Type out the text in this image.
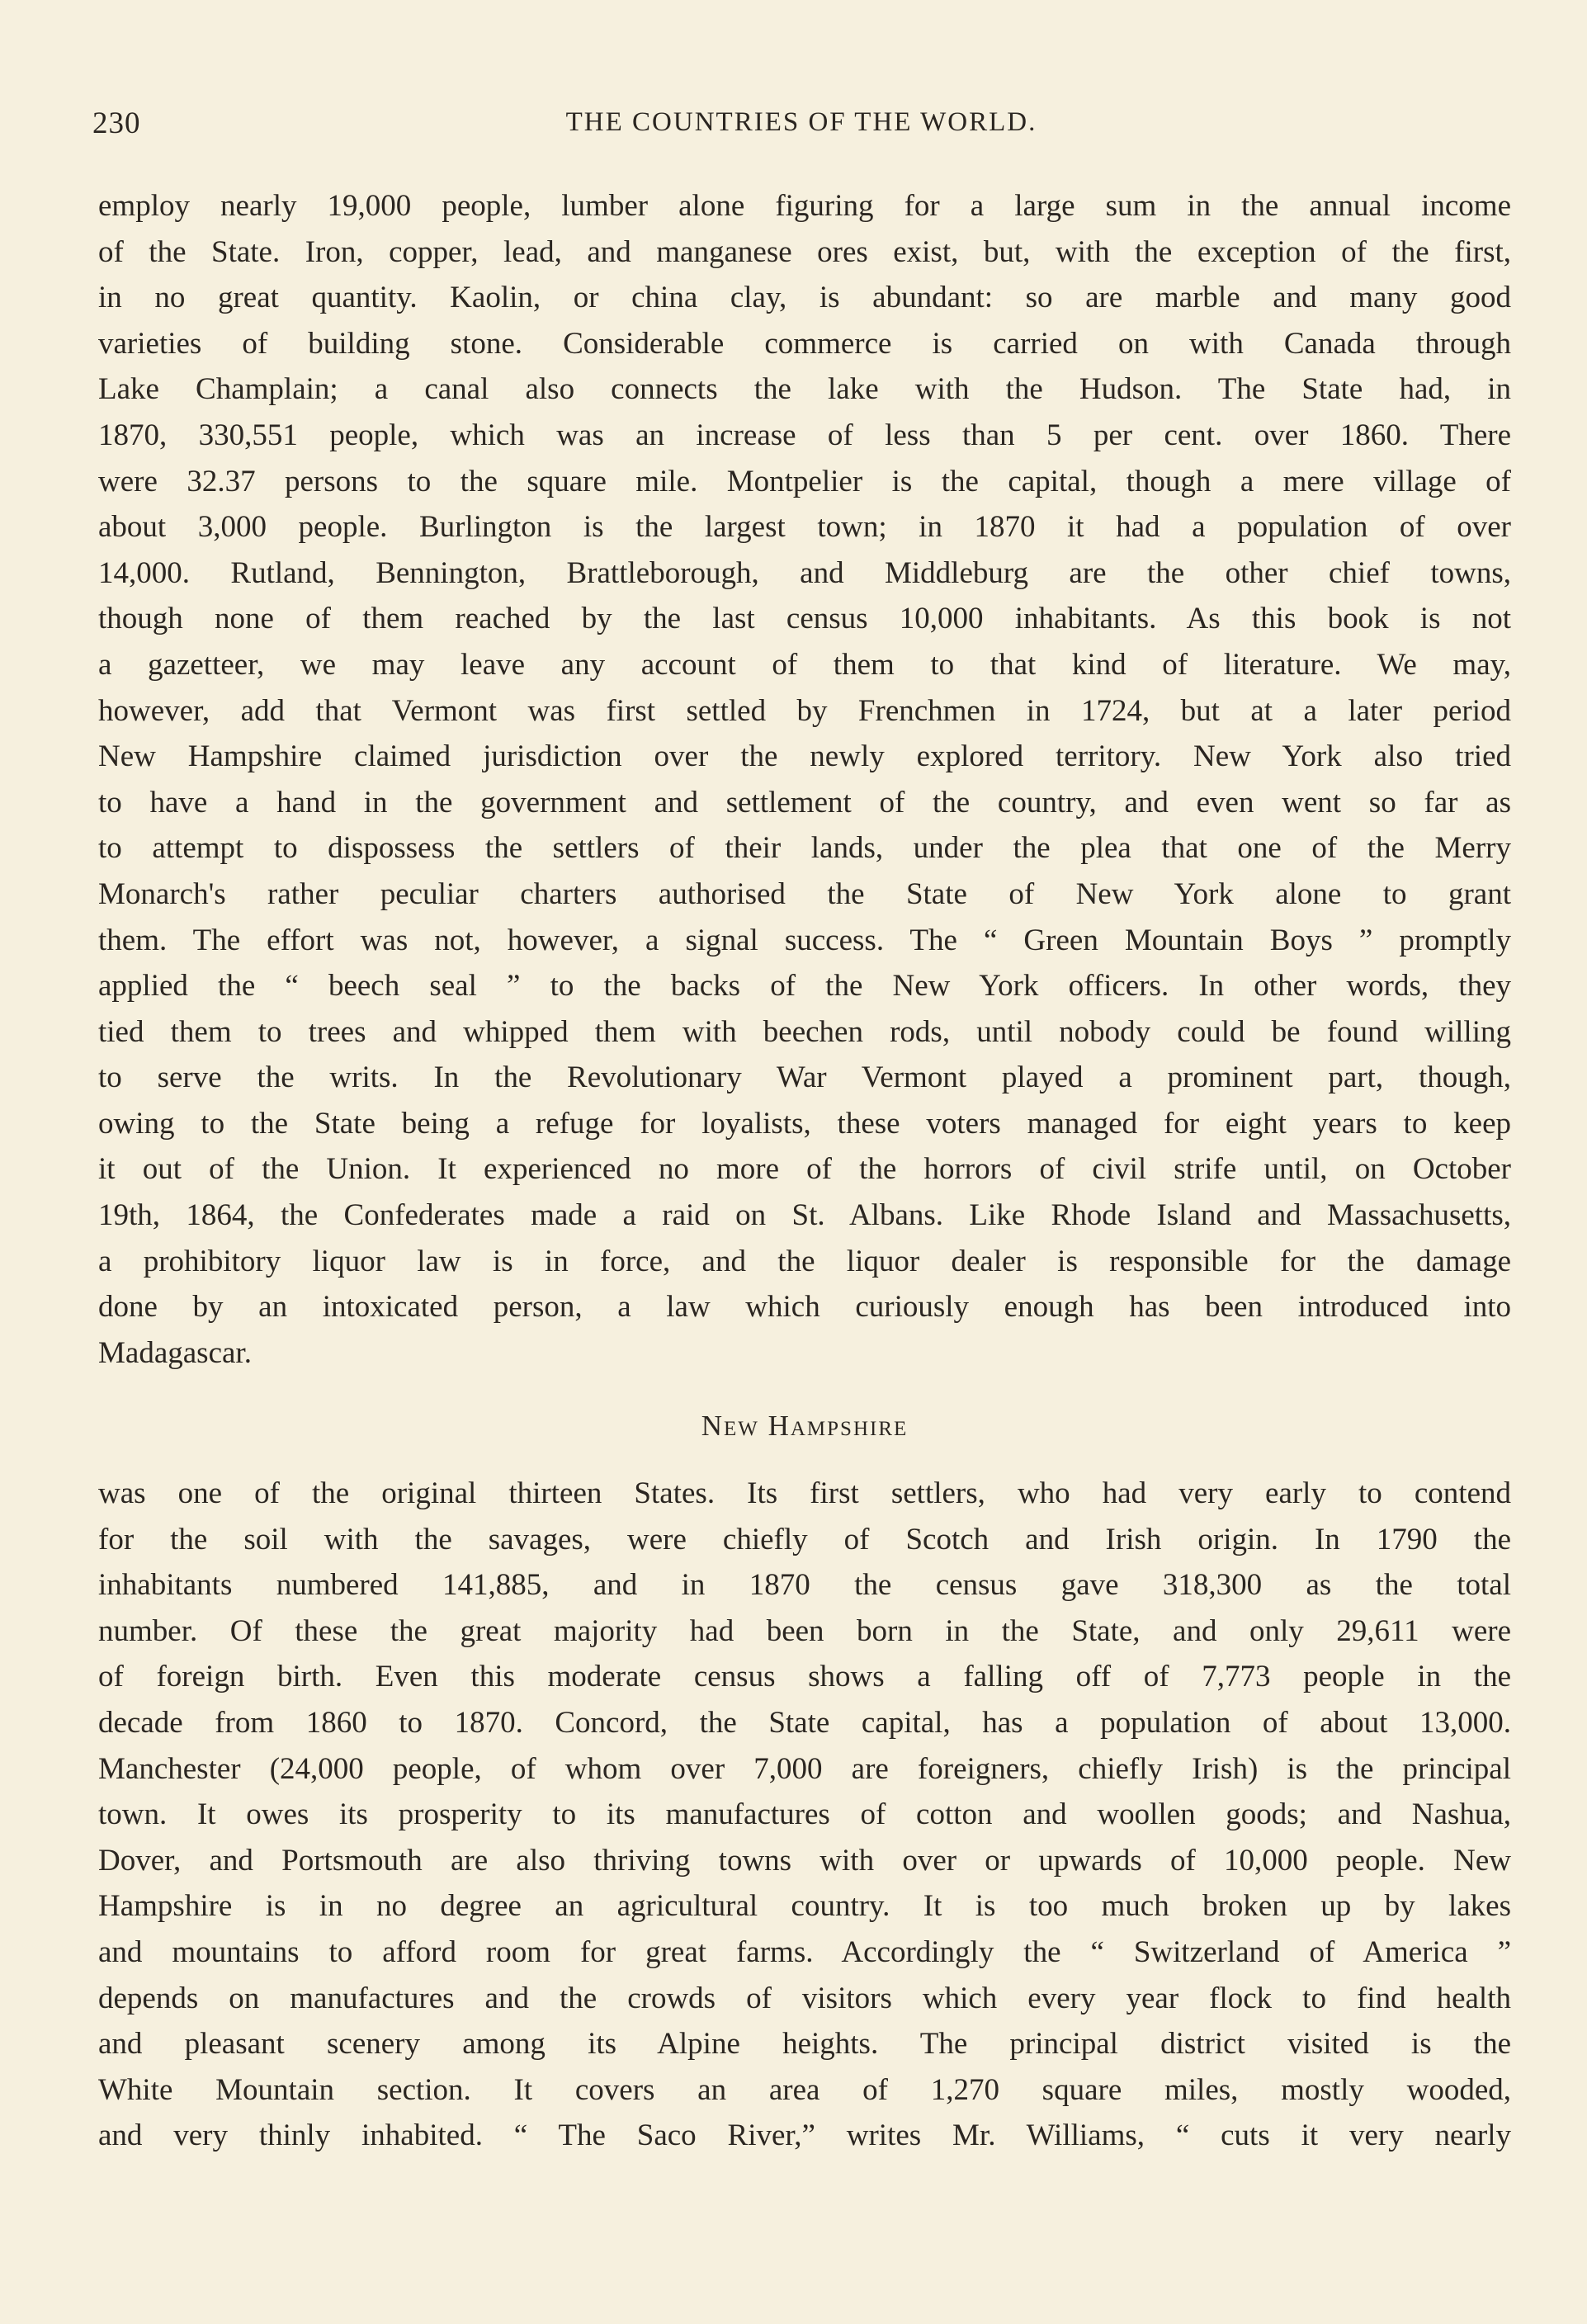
230	THE COUNTRIES OF THE WORLD.
employ nearly 19,000 people, lumber alone figuring for a large sum in the annual income
of the State. Iron, copper, lead, and manganese ores exist, but, with the exception of the first,
in no great quantity. Kaolin, or china clay, is abundant: so are marble and many good
varieties of building stone. Considerable commerce is carried on with Canada through
Lake Champlain; a canal also connects the lake with the Hudson. The State had, in
1870, 330,551 people, which was an increase of less than 5 per cent. over 1860. There
were 32.37 persons to the square mile. Montpelier is the capital, though a mere village of
about 3,000 people. Burlington is the largest town; in 1870 it had a population of over
14,000. Rutland, Bennington, Brattleborough, and Middleburg are the other chief towns,
though none of them reached by the last census 10,000 inhabitants. As this book is not
a gazetteer, we may leave any account of them to that kind of literature. We may,
however, add that Vermont was first settled by Frenchmen in 1724, but at a later period
New Hampshire claimed jurisdiction over the newly explored territory. New York also tried
to have a hand in the government and settlement of the country, and even went so far as
to attempt to dispossess the settlers of their lands, under the plea that one of the Merry
Monarch's rather peculiar charters authorised the State of New York alone to grant
them. The effort was not, however, a signal success. The “ Green Mountain Boys ” promptly
applied the “ beech seal ” to the backs of the New York officers. In other words, they
tied them to trees and whipped them with beechen rods, until nobody could be found willing
to serve the writs. In the Revolutionary War Vermont played a prominent part, though,
owing to the State being a refuge for loyalists, these voters managed for eight years to keep
it out of the Union. It experienced no more of the horrors of civil strife until, on October
19th, 1864, the Confederates made a raid on St. Albans. Like Rhode Island and Massachusetts,
a prohibitory liquor law is in force, and the liquor dealer is responsible for the damage
done by an intoxicated person, a law which curiously enough has been introduced into
Madagascar.
New Hampshire
was one of the original thirteen States. Its first settlers, who had very early to contend
for the soil with the savages, were chiefly of Scotch and Irish origin. In 1790 the
inhabitants numbered 141,885, and in 1870 the census gave 318,300 as the total
number. Of these the great majority had been born in the State, and only 29,611 were
of foreign birth. Even this moderate census shows a falling off of 7,773 people in the
decade from 1860 to 1870. Concord, the State capital, has a population of about 13,000.
Manchester (24,000 people, of whom over 7,000 are foreigners, chiefly Irish) is the principal
town. It owes its prosperity to its manufactures of cotton and woollen goods; and Nashua,
Dover, and Portsmouth are also thriving towns with over or upwards of 10,000 people. New
Hampshire is in no degree an agricultural country. It is too much broken up by lakes
and mountains to afford room for great farms. Accordingly the “ Switzerland of America ”
depends on manufactures and the crowds of visitors which every year flock to find health
and pleasant scenery among its Alpine heights. The principal district visited is the
White Mountain section. It covers an area of 1,270 square miles, mostly wooded,
and very thinly inhabited. “ The Saco River,” writes Mr. Williams, “ cuts it very nearly
